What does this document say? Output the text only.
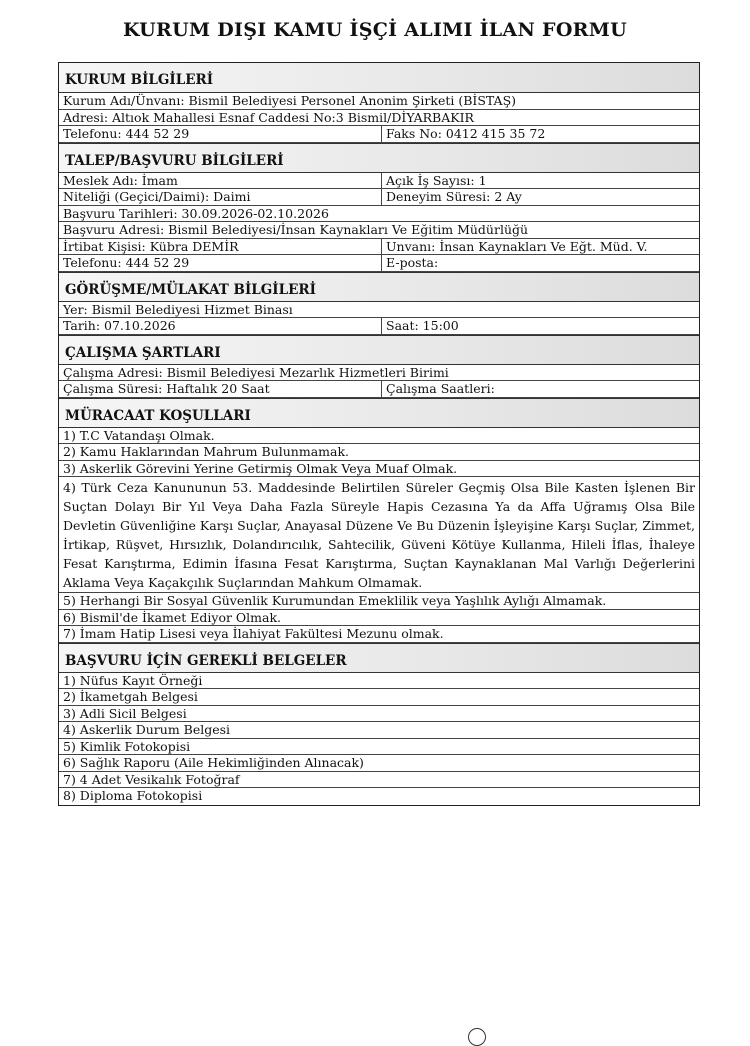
KURUM DIŞI KAMU İŞÇİ ALIMI İLAN FORMU
KURUM BİLGİLERİ
Kurum Adı/Ünvanı: Bismil Belediyesi Personel Anonim Şirketi (BİSTAŞ)
Adresi: Altıok Mahallesi Esnaf Caddesi No:3 Bismil/DİYARBAKIR
Telefonu: 444 52 29	Faks No: 0412 415 35 72
TALEP/BAŞVURU BİLGİLERİ
Meslek Adı: İmam	Açık İş Sayısı: 1
Niteliği (Geçici/Daimi): Daimi	Deneyim Süresi: 2 Ay
Başvuru Tarihleri: 30.09.2026-02.10.2026
Başvuru Adresi: Bismil Belediyesi/İnsan Kaynakları Ve Eğitim Müdürlüğü
İrtibat Kişisi: Kübra DEMİR	Unvanı: İnsan Kaynakları Ve Eğt. Müd. V.
Telefonu: 444 52 29	E-posta:
GÖRÜŞME/MÜLAKAT BİLGİLERİ
Yer: Bismil Belediyesi Hizmet Binası
Tarih: 07.10.2026	Saat: 15:00
ÇALIŞMA ŞARTLARI
Çalışma Adresi: Bismil Belediyesi Mezarlık Hizmetleri Birimi
Çalışma Süresi: Haftalık 20 Saat	Çalışma Saatleri:
MÜRACAAT KOŞULLARI
1) T.C Vatandaşı Olmak.
2) Kamu Haklarından Mahrum Bulunmamak.
3) Askerlik Görevini Yerine Getirmiş Olmak Veya Muaf Olmak.
4) Türk Ceza Kanununun 53. Maddesinde Belirtilen Süreler Geçmiş Olsa Bile Kasten İşlenen Bir Suçtan Dolayı Bir Yıl Veya Daha Fazla Süreyle Hapis Cezasına Ya da Affa Uğramış Olsa Bile Devletin Güvenliğine Karşı Suçlar, Anayasal Düzene Ve Bu Düzenin İşleyişine Karşı Suçlar, Zimmet, İrtikap, Rüşvet, Hırsızlık, Dolandırıcılık, Sahtecilik, Güveni Kötüye Kullanma, Hileli İflas, İhaleye Fesat Karıştırma, Edimin İfasına Fesat Karıştırma, Suçtan Kaynaklanan Mal Varlığı Değerlerini Aklama Veya Kaçakçılık Suçlarından Mahkum Olmamak.
5) Herhangi Bir Sosyal Güvenlik Kurumundan Emeklilik veya Yaşlılık Aylığı Almamak.
6) Bismil'de İkamet Ediyor Olmak.
7) İmam Hatip Lisesi veya İlahiyat Fakültesi Mezunu olmak.
BAŞVURU İÇİN GEREKLİ BELGELER
1) Nüfus Kayıt Örneği
2) İkametgah Belgesi
3) Adli Sicil Belgesi
4) Askerlik Durum Belgesi
5) Kimlik Fotokopisi
6) Sağlık Raporu (Aile Hekimliğinden Alınacak)
7) 4 Adet Vesikalık Fotoğraf
8) Diploma Fotokopisi
